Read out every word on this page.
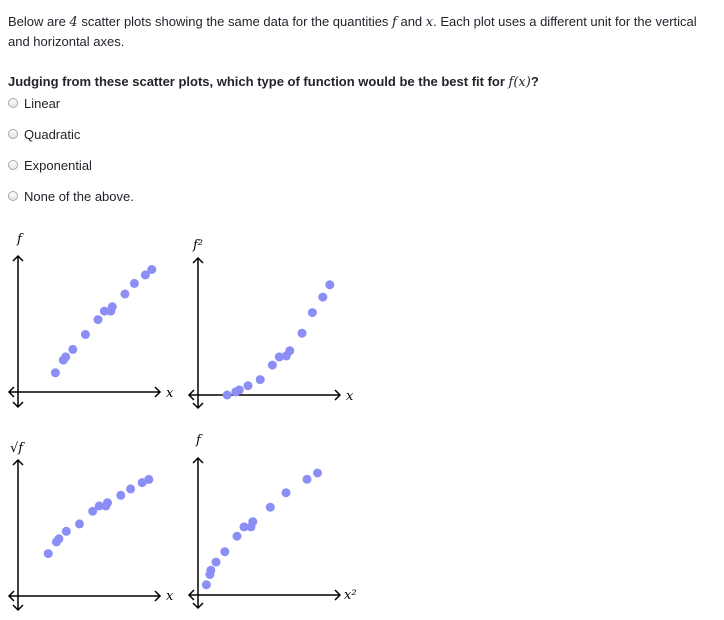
Below are 4 scatter plots showing the same data for the quantities f and x. Each plot uses a different unit for the vertical and horizontal axes.
Judging from these scatter plots, which type of function would be the best fit for f(x)?
Linear
Quadratic
Exponential
None of the above.
f
x
f²
x
√f
x
f
x²
